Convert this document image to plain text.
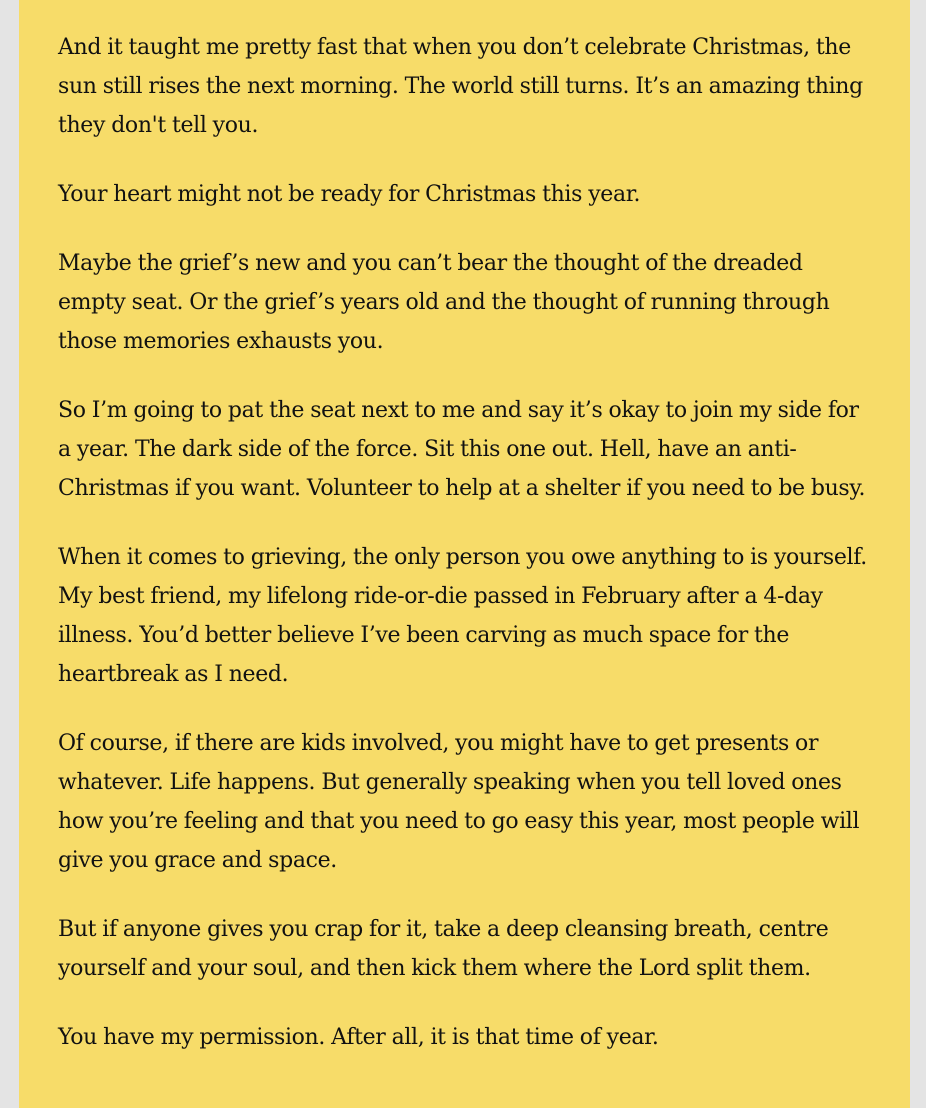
And it taught me pretty fast that when you don’t celebrate Christmas, the sun still rises the next morning. The world still turns. It’s an amazing thing they don't tell you.

Your heart might not be ready for Christmas this year.

Maybe the grief’s new and you can’t bear the thought of the dreaded empty seat. Or the grief’s years old and the thought of running through those memories exhausts you.

So I’m going to pat the seat next to me and say it’s okay to join my side for a year. The dark side of the force. Sit this one out. Hell, have an anti-Christmas if you want. Volunteer to help at a shelter if you need to be busy.

When it comes to grieving, the only person you owe anything to is yourself. My best friend, my lifelong ride-or-die passed in February after a 4-day illness. You’d better believe I’ve been carving as much space for the heartbreak as I need.

Of course, if there are kids involved, you might have to get presents or whatever. Life happens. But generally speaking when you tell loved ones how you’re feeling and that you need to go easy this year, most people will give you grace and space.

But if anyone gives you crap for it, take a deep cleansing breath, centre yourself and your soul, and then kick them where the Lord split them.

You have my permission. After all, it is that time of year.
